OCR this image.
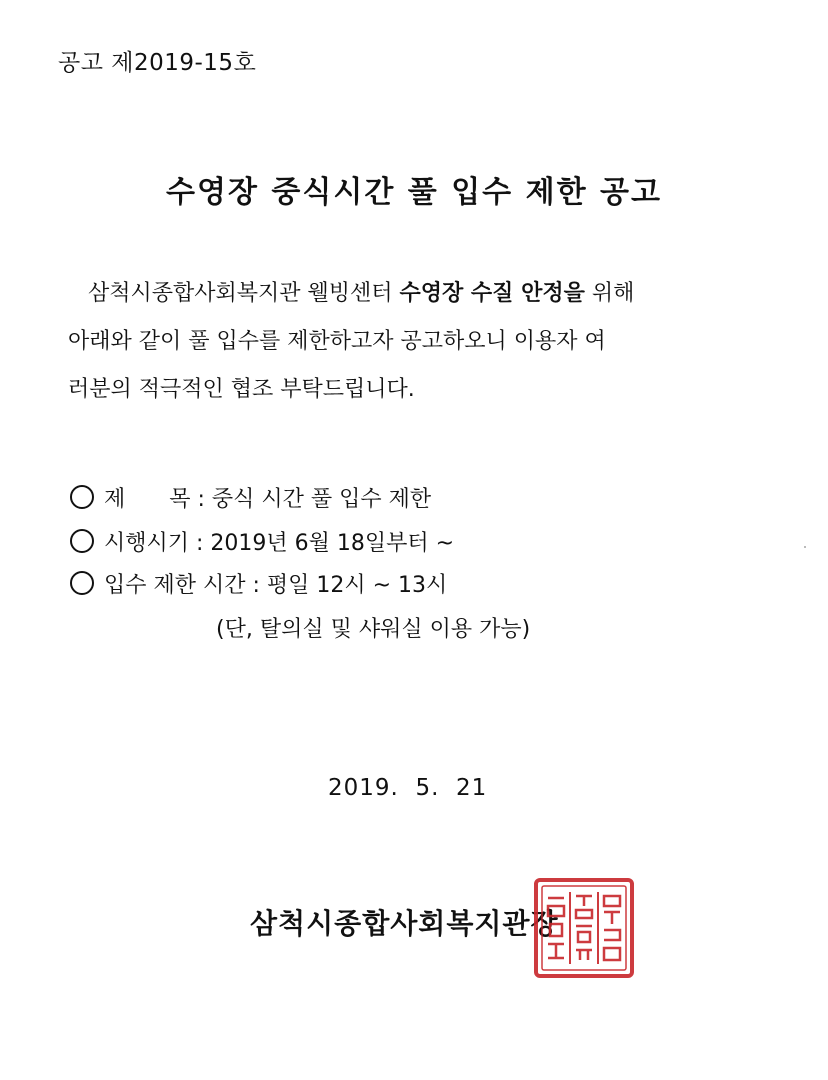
공고 제2019-15호
수영장 중식시간 풀 입수 제한 공고
삼척시종합사회복지관 웰빙센터 수영장 수질 안정을 위해
아래와 같이 풀 입수를 제한하고자 공고하오니 이용자 여
러분의 적극적인 협조 부탁드립니다.
제 목 : 중식 시간 풀 입수 제한
시행시기 : 2019년 6월 18일부터 ~
입수 제한 시간 : 평일 12시 ~ 13시
(단, 탈의실 및 샤워실 이용 가능)
2019.  5.  21
삼척시종합사회복지관장
